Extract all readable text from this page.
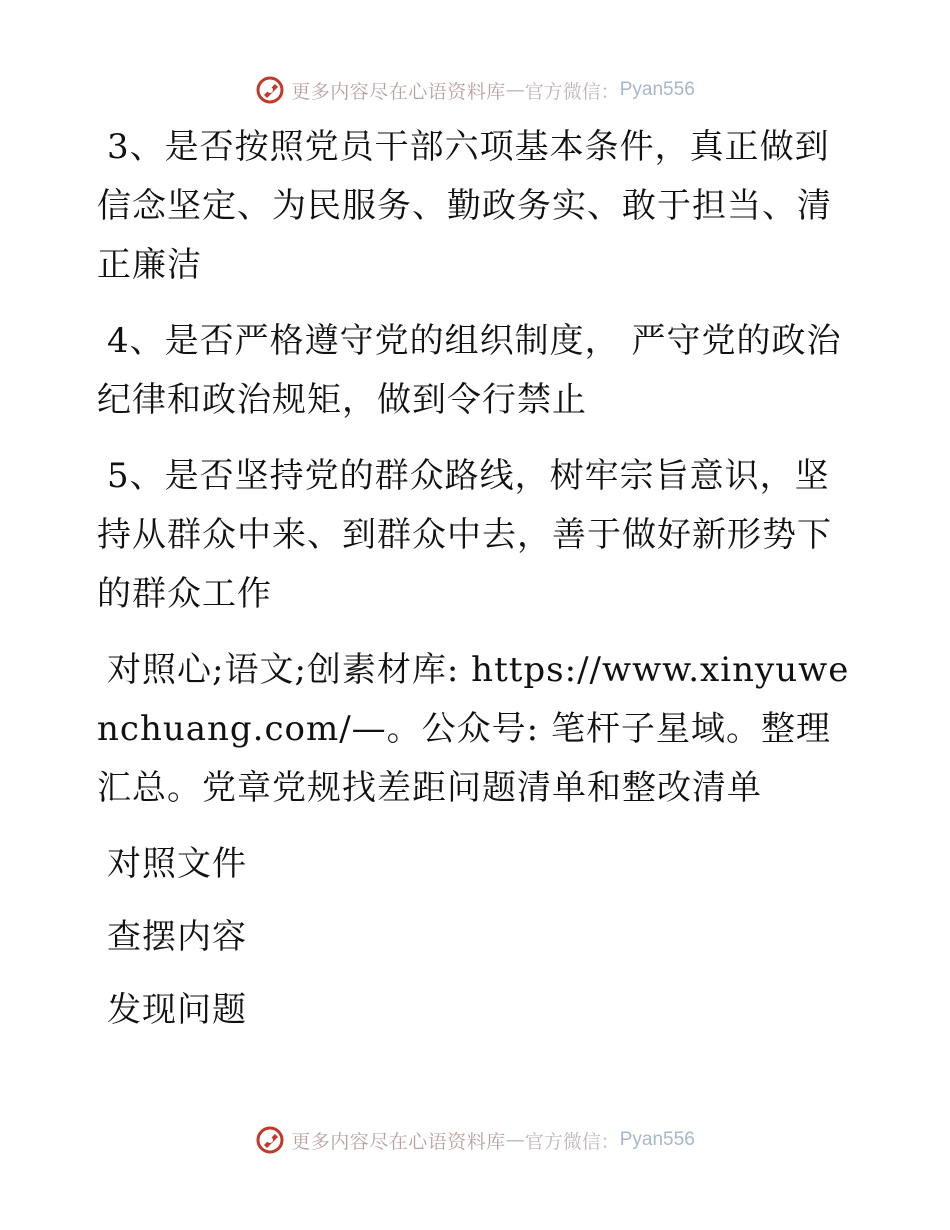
更多内容尽在心语资料库 — 官方微信： Pyan556

3、是否按照党员干部六项基本条件，真正做到信念坚定、为民服务、勤政务实、敢于担当、清正廉洁

4、是否严格遵守党的组织制度， 严守党的政治纪律和政治规矩，做到令行禁止

5、是否坚持党的群众路线，树牢宗旨意识，坚持从群众中来、到群众中去，善于做好新形势下的群众工作

对照心;语文;创素材库: https://www.xinyuwenchuang.com/—。公众号: 笔杆子星域。整理汇总。党章党规找差距问题清单和整改清单

对照文件

查摆内容

发现问题

更多内容尽在心语资料库 — 官方微信： Pyan556
